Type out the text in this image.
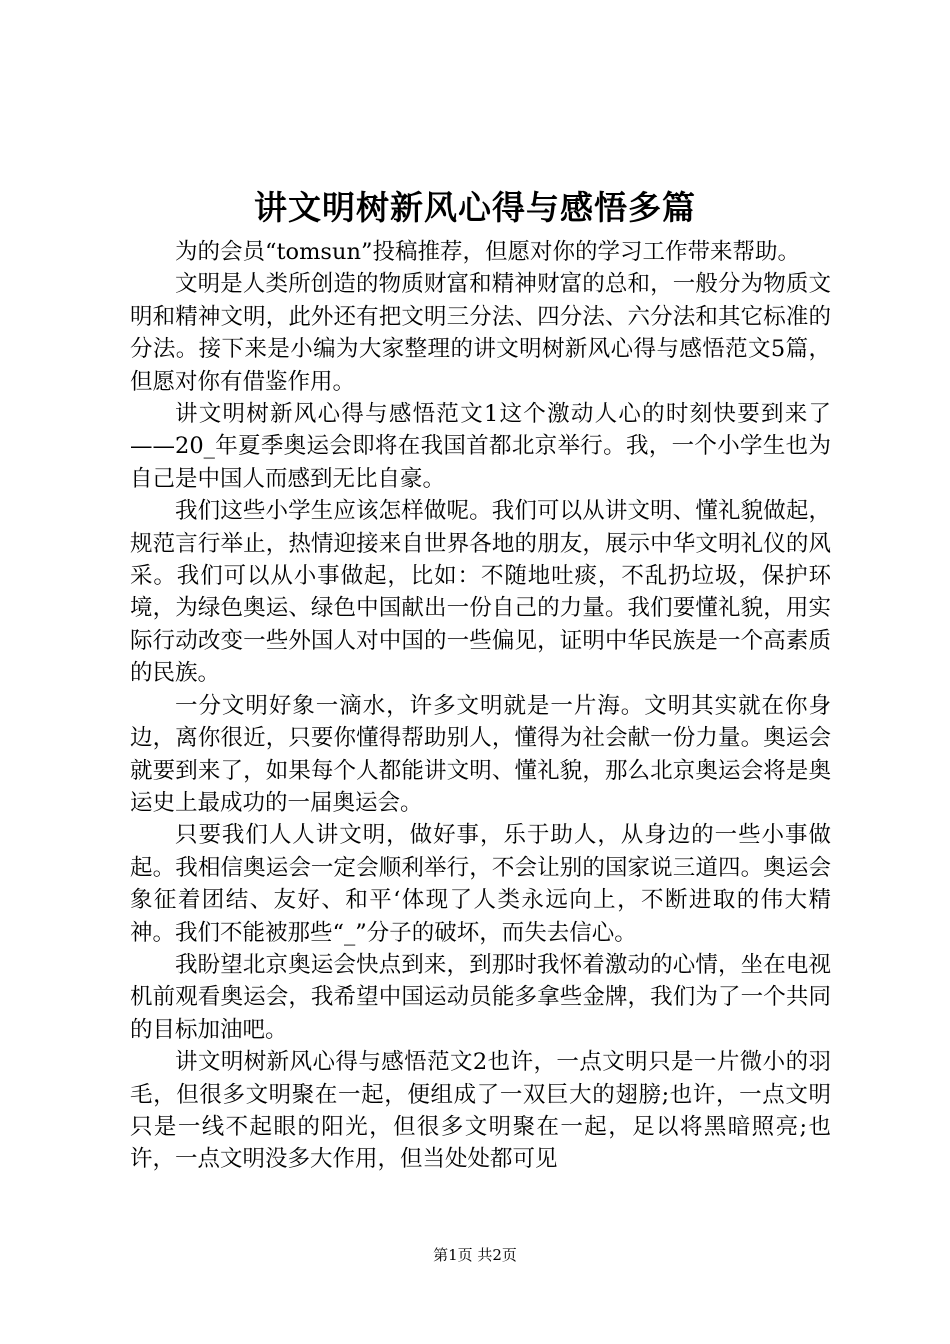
讲文明树新风心得与感悟多篇

为的会员“tomsun”投稿推荐，但愿对你的学习工作带来帮助。

文明是人类所创造的物质财富和精神财富的总和，一般分为物质文明和精神文明，此外还有把文明三分法、四分法、六分法和其它标准的分法。接下来是小编为大家整理的讲文明树新风心得与感悟范文5篇，但愿对你有借鉴作用。

讲文明树新风心得与感悟范文1这个激动人心的时刻快要到来了——20_年夏季奥运会即将在我国首都北京举行。我，一个小学生也为自己是中国人而感到无比自豪。

我们这些小学生应该怎样做呢。我们可以从讲文明、懂礼貌做起，规范言行举止，热情迎接来自世界各地的朋友，展示中华文明礼仪的风采。我们可以从小事做起，比如：不随地吐痰，不乱扔垃圾，保护环境，为绿色奥运、绿色中国献出一份自己的力量。我们要懂礼貌，用实际行动改变一些外国人对中国的一些偏见，证明中华民族是一个高素质的民族。

一分文明好象一滴水，许多文明就是一片海。文明其实就在你身边，离你很近，只要你懂得帮助别人，懂得为社会献一份力量。奥运会就要到来了，如果每个人都能讲文明、懂礼貌，那么北京奥运会将是奥运史上最成功的一届奥运会。

只要我们人人讲文明，做好事，乐于助人，从身边的一些小事做起。我相信奥运会一定会顺利举行，不会让别的国家说三道四。奥运会象征着团结、友好、和平‘体现了人类永远向上，不断进取的伟大精神。我们不能被那些“_”分子的破坏，而失去信心。

我盼望北京奥运会快点到来，到那时我怀着激动的心情，坐在电视机前观看奥运会，我希望中国运动员能多拿些金牌，我们为了一个共同的目标加油吧。

讲文明树新风心得与感悟范文2也许，一点文明只是一片微小的羽毛，但很多文明聚在一起，便组成了一双巨大的翅膀;也许，一点文明只是一线不起眼的阳光，但很多文明聚在一起，足以将黑暗照亮;也许，一点文明没多大作用，但当处处都可见

第1页 共2页
